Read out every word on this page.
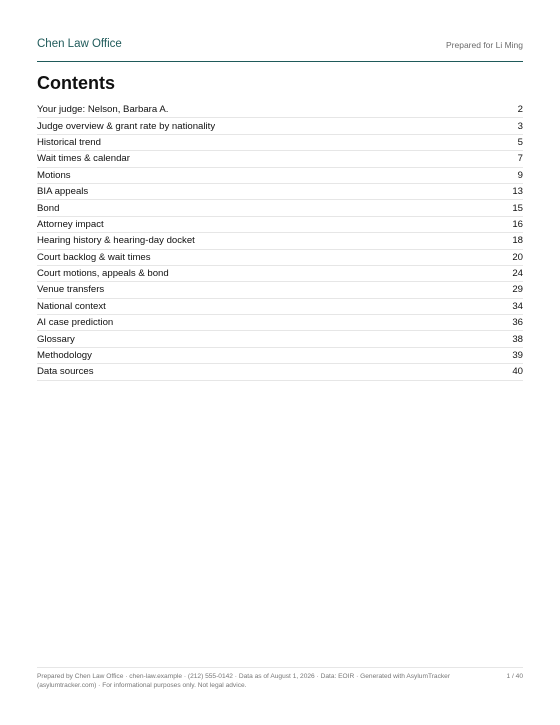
Chen Law Office	Prepared for Li Ming
Contents
Your judge: Nelson, Barbara A.	2
Judge overview & grant rate by nationality	3
Historical trend	5
Wait times & calendar	7
Motions	9
BIA appeals	13
Bond	15
Attorney impact	16
Hearing history & hearing-day docket	18
Court backlog & wait times	20
Court motions, appeals & bond	24
Venue transfers	29
National context	34
AI case prediction	36
Glossary	38
Methodology	39
Data sources	40
Prepared by Chen Law Office · chen-law.example · (212) 555-0142 · Data as of August 1, 2026 · Data: EOIR · Generated with AsylumTracker (asylumtracker.com) · For informational purposes only. Not legal advice.
1 / 40
